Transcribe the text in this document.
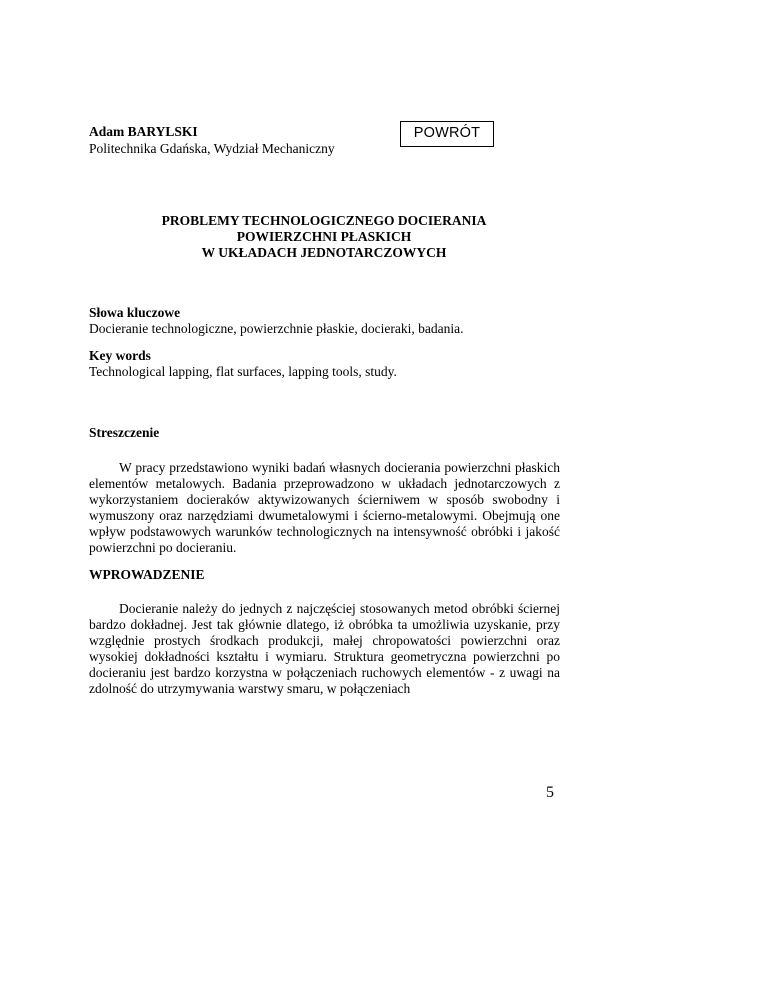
Adam BARYLSKI
Politechnika Gdańska, Wydział Mechaniczny
POWRÓT
PROBLEMY TECHNOLOGICZNEGO DOCIERANIA
POWIERZCHNI PŁASKICH
W UKŁADACH JEDNOTARCZOWYCH
Słowa kluczowe
Docieranie technologiczne, powierzchnie płaskie, docieraki, badania.
Key words
Technological lapping, flat surfaces, lapping tools, study.
Streszczenie

W pracy przedstawiono wyniki badań własnych docierania powierzchni płaskich elementów metalowych. Badania przeprowadzono w układach jednotarczowych z wykorzystaniem docieraków aktywizowanych ścierniwem w sposób swobodny i wymuszony oraz narzędziami dwumetalowymi i ścierno-metalowymi. Obejmują one wpływ podstawowych warunków technologicznych na intensywność obróbki i jakość powierzchni po docieraniu.

WPROWADZENIE

Docieranie należy do jednych z najczęściej stosowanych metod obróbki ściernej bardzo dokładnej. Jest tak głównie dlatego, iż obróbka ta umożliwia uzyskanie, przy względnie prostych środkach produkcji, małej chropowatości powierzchni oraz wysokiej dokładności kształtu i wymiaru. Struktura geometryczna powierzchni po docieraniu jest bardzo korzystna w połączeniach ruchowych elementów - z uwagi na zdolność do utrzymywania warstwy smaru, w połączeniach

5
